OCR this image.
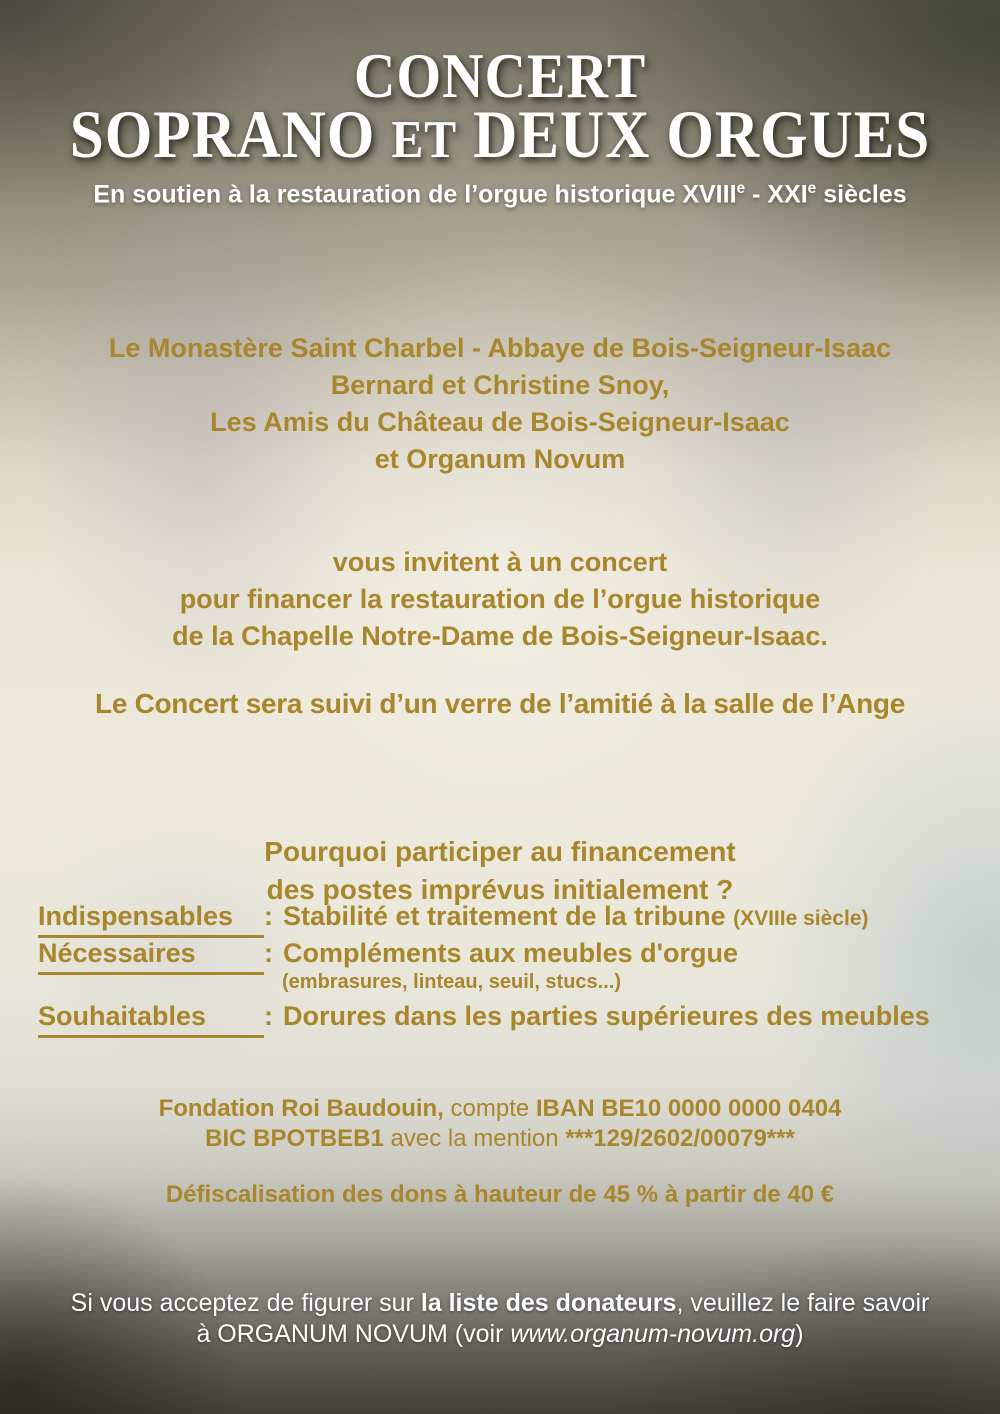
CONCERT
SOPRANO ET DEUX ORGUES
En soutien à la restauration de l’orgue historique XVIIIe - XXIe siècles
Le Monastère Saint Charbel - Abbaye de Bois-Seigneur-Isaac
Bernard et Christine Snoy,
Les Amis du Château de Bois-Seigneur-Isaac
et Organum Novum
vous invitent à un concert
pour financer la restauration de l’orgue historique
de la Chapelle Notre-Dame de Bois-Seigneur-Isaac.
Le Concert sera suivi d’un verre de l’amitié à la salle de l’Ange
Pourquoi participer au financement
des postes imprévus initialement ?
Indispensables : Stabilité et traitement de la tribune (XVIIIe siècle)
Nécessaires	: Compléments aux meubles d'orgue
(embrasures, linteau, seuil, stucs...)
Souhaitables : Dorures dans les parties supérieures des meubles
Fondation Roi Baudouin, compte IBAN BE10 0000 0000 0404
BIC BPOTBEB1 avec la mention ***129/2602/00079***
Défiscalisation des dons à hauteur de 45 % à partir de 40 €
Si vous acceptez de figurer sur la liste des donateurs, veuillez le faire savoir
à ORGANUM NOVUM (voir www.organum-novum.org)
